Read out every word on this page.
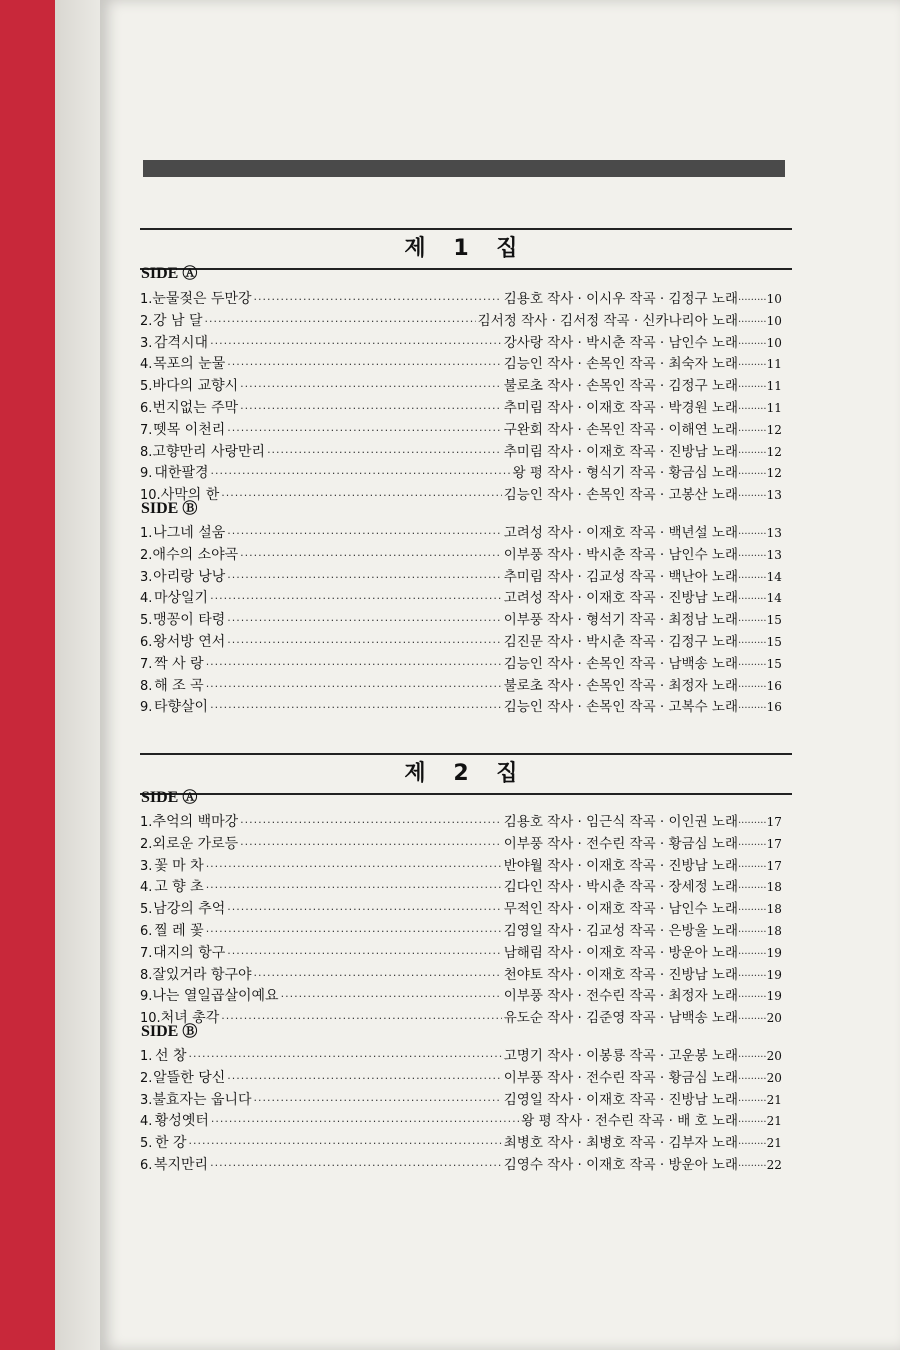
제 1 집
SIDE Ⓐ
1. 눈물젖은 두만강 ·····	김용호 작사 · 이시우 작곡 · 김정구 노래	····· 10
2. 강 남 달 ·····	김서정 작사 · 김서정 작곡 · 신카나리아 노래	····· 10
3. 감격시대 ·····	강사랑 작사 · 박시춘 작곡 · 남인수 노래	····· 10
4. 목포의 눈물 ·····	김능인 작사 · 손목인 작곡 · 최숙자 노래	····· 11
5. 바다의 교향시 ·····	불로초 작사 · 손목인 작곡 · 김정구 노래	····· 11
6. 번지없는 주막 ·····	추미림 작사 · 이재호 작곡 · 박경원 노래	····· 11
7. 뗏목 이천리 ·····	구완회 작사 · 손목인 작곡 · 이해연 노래	····· 12
8. 고향만리 사랑만리 ·····	추미림 작사 · 이재호 작곡 · 진방남 노래	····· 12
9. 대한팔경 ·····	왕 평 작사 · 형식기 작곡 · 황금심 노래	····· 12
10. 사막의 한 ·····	김능인 작사 · 손목인 작곡 · 고봉산 노래	····· 13
SIDE Ⓑ
1. 나그네 설움 ·····	고려성 작사 · 이재호 작곡 · 백년설 노래	····· 13
2. 애수의 소야곡 ·····	이부풍 작사 · 박시춘 작곡 · 남인수 노래	····· 13
3. 아리랑 낭낭 ·····	추미림 작사 · 김교성 작곡 · 백난아 노래	····· 14
4. 마상일기 ·····	고려성 작사 · 이재호 작곡 · 진방남 노래	····· 14
5. 맹꽁이 타령 ·····	이부풍 작사 · 형석기 작곡 · 최정남 노래	····· 15
6. 왕서방 연서 ·····	김진문 작사 · 박시춘 작곡 · 김정구 노래	····· 15
7. 짝 사 랑 ·····	김능인 작사 · 손목인 작곡 · 남백송 노래	····· 15
8. 해 조 곡 ·····	불로초 작사 · 손목인 작곡 · 최정자 노래	····· 16
9. 타향살이 ·····	김능인 작사 · 손목인 작곡 · 고복수 노래	····· 16
제 2 집
SIDE Ⓐ
1. 추억의 백마강 ·····	김용호 작사 · 임근식 작곡 · 이인권 노래	····· 17
2. 외로운 가로등 ·····	이부풍 작사 · 전수린 작곡 · 황금심 노래	····· 17
3. 꽃 마 차 ·····	반야월 작사 · 이재호 작곡 · 진방남 노래	····· 17
4. 고 향 초 ·····	김다인 작사 · 박시춘 작곡 · 장세정 노래	····· 18
5. 남강의 추억 ·····	무적인 작사 · 이재호 작곡 · 남인수 노래	····· 18
6. 찔 레 꽃 ·····	김영일 작사 · 김교성 작곡 · 은방울 노래	····· 18
7. 대지의 항구 ·····	남해림 작사 · 이재호 작곡 · 방운아 노래	····· 19
8. 잘있거라 항구야 ·····	천야토 작사 · 이재호 작곡 · 진방남 노래	····· 19
9. 나는 열일곱살이예요 ·····	이부풍 작사 · 전수린 작곡 · 최정자 노래	····· 19
10. 처녀 총각 ·····	유도순 작사 · 김준영 작곡 · 남백송 노래	····· 20
SIDE Ⓑ
1. 선 창 ·····	고명기 작사 · 이봉룡 작곡 · 고운봉 노래	····· 20
2. 알뜰한 당신 ·····	이부풍 작사 · 전수린 작곡 · 황금심 노래	····· 20
3. 불효자는 웁니다 ·····	김영일 작사 · 이재호 작곡 · 진방남 노래	····· 21
4. 황성옛터 ·····	왕 평 작사 · 전수린 작곡 · 배 호 노래	····· 21
5. 한 강 ·····	최병호 작사 · 최병호 작곡 · 김부자 노래	····· 21
6. 복지만리 ·····	김영수 작사 · 이재호 작곡 · 방운아 노래	····· 22
